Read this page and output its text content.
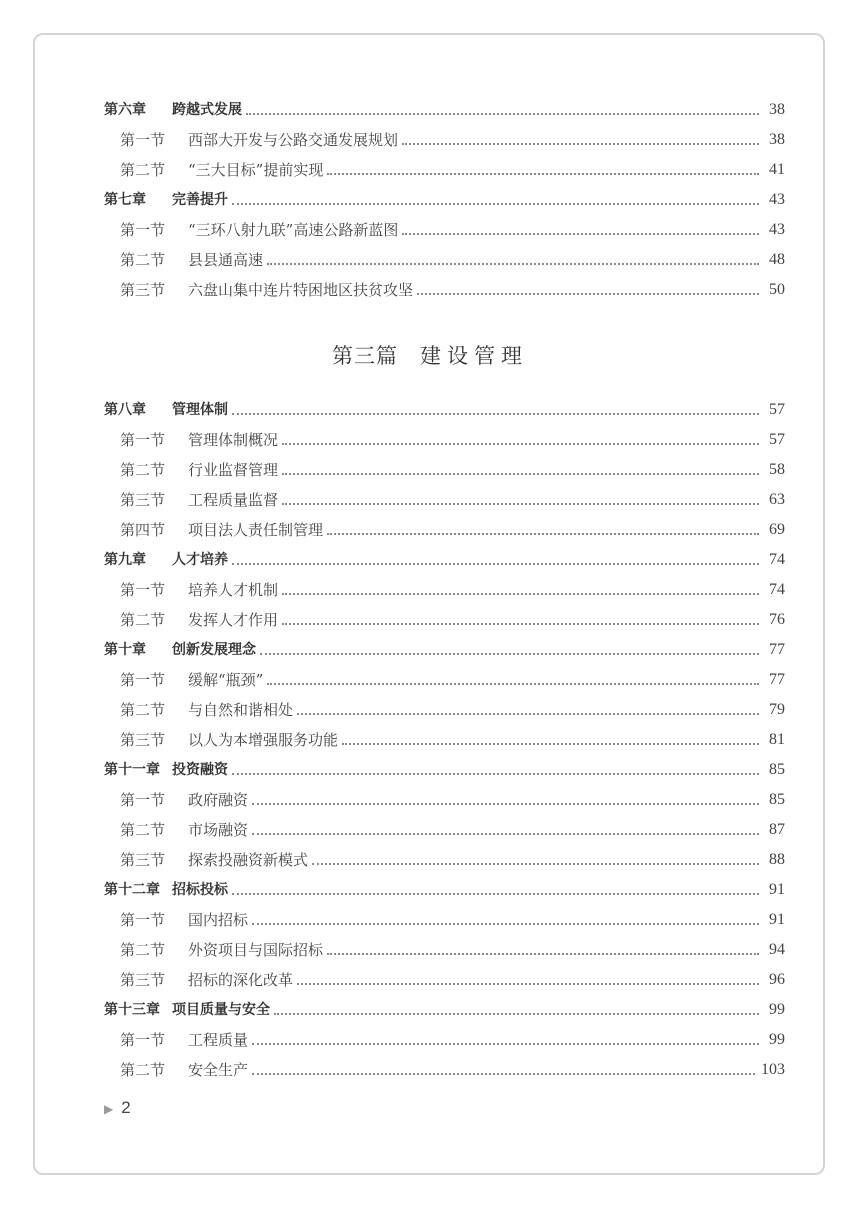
第六章 跨越式发展	38
第一节 西部大开发与公路交通发展规划	38
第二节 “三大目标”提前实现	41
第七章 完善提升	43
第一节 “三环八射九联”高速公路新蓝图	43
第二节 县县通高速	48
第三节 六盘山集中连片特困地区扶贫攻坚	50
第八章 管理体制	57
第一节 管理体制概况	57
第二节 行业监督管理	58
第三节 工程质量监督	63
第四节 项目法人责任制管理	69
第九章 人才培养	74
第一节 培养人才机制	74
第二节 发挥人才作用	76
第十章 创新发展理念	77
第一节 缓解“瓶颈”	77
第二节 与自然和谐相处	79
第三节 以人为本增强服务功能	81
第十一章 投资融资	85
第一节 政府融资	85
第二节 市场融资	87
第三节 探索投融资新模式	88
第十二章 招标投标	91
第一节 国内招标	91
第二节 外资项目与国际招标	94
第三节 招标的深化改革	96
第十三章 项目质量与安全	99
第一节 工程质量	99
第二节 安全生产	103
第三篇 建设管理
▶ 2
